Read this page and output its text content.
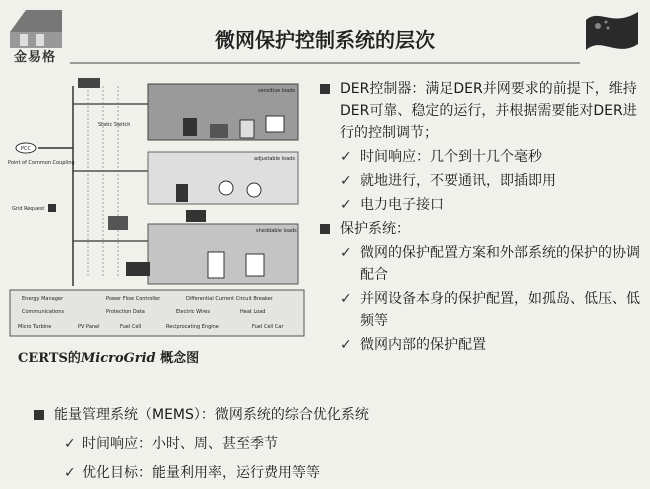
金易格
微网保护控制系统的层次
sensitive loads
adjustable loads
sheddable loads
PCC
Point of Common Coupling
Grid Request
Static Switch
Energy Manager	Power Flow Controller	Differential Current Circuit Breaker
Communications	Protection Data	Electric Wires	Heat Load
Micro Turbine	PV Panel	Fuel Cell	Reciprocating Engine	Fuel Cell Car
CERTS的MicroGrid 概念图
DER控制器：满足DER并网要求的前提下，维持DER可靠、稳定的运行，并根据需要能对DER进行的控制调节；
✓ 时间响应：几个到十几个毫秒
✓ 就地进行，不要通讯，即插即用
✓ 电力电子接口
保护系统：
✓ 微网的保护配置方案和外部系统的保护的协调配合
✓ 并网设备本身的保护配置，如孤岛、低压、低频等
✓ 微网内部的保护配置
能量管理系统（MEMS）：微网系统的综合优化系统
✓ 时间响应：小时、周、甚至季节
✓ 优化目标：能量利用率，运行费用等等
